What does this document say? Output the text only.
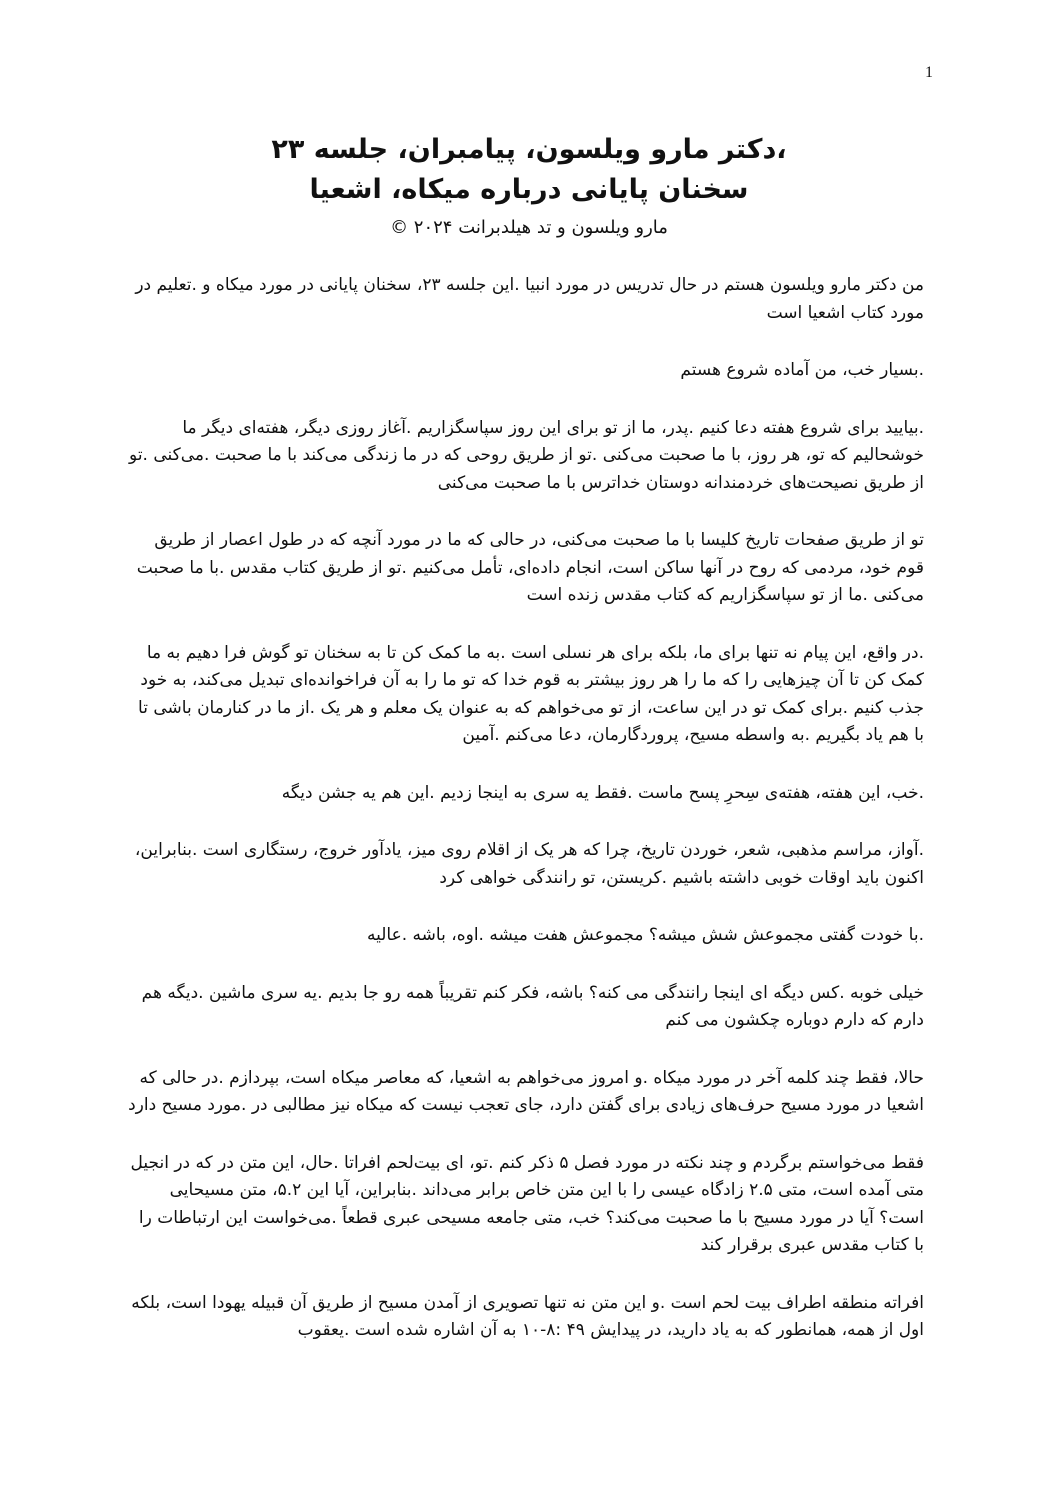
1
،دکتر مارو ویلسون، پیامبران، جلسه ۲۳
سخنان پایانی درباره میکاه، اشعیا
مارو ویلسون و تد هیلدبرانت ۲۰۲۴ ©

من دکتر مارو ویلسون هستم در حال تدریس در مورد انبیا .این جلسه ۲۳، سخنان پایانی در مورد میکاه و .تعلیم در مورد کتاب اشعیا است

.بسیار خب، من آماده شروع هستم

.بیایید برای شروع هفته دعا کنیم .پدر، ما از تو برای این روز سپاسگزاریم .آغاز روزی دیگر، هفته‌ای دیگر ما خوشحالیم که تو، هر روز، با ما صحبت می‌کنی .تو از طریق روحی که در ما زندگی می‌کند با ما صحبت .می‌کنی .تو از طریق نصیحت‌های خردمندانه دوستان خداترس با ما صحبت می‌کنی

تو از طریق صفحات تاریخ کلیسا با ما صحبت می‌کنی، در حالی که ما در مورد آنچه که در طول اعصار از طریق قوم خود، مردمی که روح در آنها ساکن است، انجام داده‌ای، تأمل می‌کنیم .تو از طریق کتاب مقدس .با ما صحبت می‌کنی .ما از تو سپاسگزاریم که کتاب مقدس زنده است

.در واقع، این پیام نه تنها برای ما، بلکه برای هر نسلی است .به ما کمک کن تا به سخنان تو گوش فرا دهیم به ما کمک کن تا آن چیزهایی را که ما را هر روز بیشتر به قوم خدا که تو ما را به آن فراخوانده‌ای تبدیل می‌کند، به خود جذب کنیم .برای کمک تو در این ساعت، از تو می‌خواهم که به عنوان یک معلم و هر یک .از ما در کنارمان باشی تا با هم یاد بگیریم .به واسطه مسیح، پروردگارمان، دعا می‌کنم .آمین

.خب، این هفته، هفته‌ی سِحرِ پسح ماست .فقط یه سری به اینجا زدیم .این هم یه جشن دیگه

.آواز، مراسم مذهبی، شعر، خوردن تاریخ، چرا که هر یک از اقلام روی میز، یادآور خروج، رستگاری است .بنابراین، اکنون باید اوقات خوبی داشته باشیم .کریستن، تو رانندگی خواهی کرد

.با خودت گفتی مجموعش شش میشه؟ مجموعش هفت میشه .اوه، باشه .عالیه

خیلی خوبه .کس دیگه ای اینجا رانندگی می کنه؟ باشه، فکر کنم تقریباً همه رو جا بدیم .یه سری ماشین .دیگه هم دارم که دارم دوباره چکشون می کنم

حالا، فقط چند کلمه آخر در مورد میکاه .و امروز می‌خواهم به اشعیا، که معاصر میکاه است، بپردازم .در حالی که اشعیا در مورد مسیح حرف‌های زیادی برای گفتن دارد، جای تعجب نیست که میکاه نیز مطالبی در .مورد مسیح دارد

فقط می‌خواستم برگردم و چند نکته در مورد فصل ۵ ذکر کنم .تو، ای بیت‌لحم افراتا .حال، این متن در که در انجیل متی آمده است، متی ۲.۵ زادگاه عیسی را با این متن خاص برابر می‌داند .بنابراین، آیا این ۵.۲، متن مسیحایی است؟ آیا در مورد مسیح با ما صحبت می‌کند؟ خب، متی جامعه مسیحی عبری قطعاً .می‌خواست این ارتباطات را با کتاب مقدس عبری برقرار کند

افراته منطقه اطراف بیت لحم است .و این متن نه تنها تصویری از آمدن مسیح از طریق آن قبیله یهودا است، بلکه اول از همه، همانطور که به یاد دارید، در پیدایش ۴۹ :۸-۱۰ به آن اشاره شده است .یعقوب
